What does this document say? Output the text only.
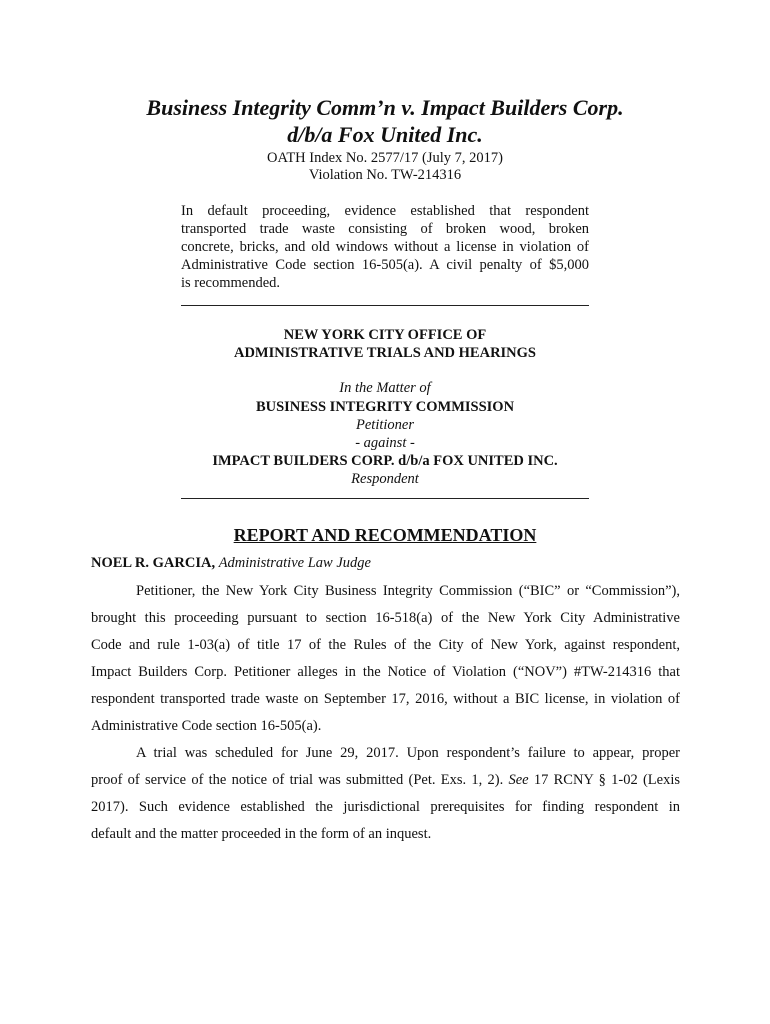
Business Integrity Comm’n v. Impact Builders Corp.
d/b/a Fox United Inc.
OATH Index No. 2577/17 (July 7, 2017)
Violation No. TW-214316
In default proceeding, evidence established that respondent
transported trade waste consisting of broken wood, broken
concrete, bricks, and old windows without a license in violation of
Administrative Code section 16-505(a). A civil penalty of $5,000
is recommended.
NEW YORK CITY OFFICE OF
ADMINISTRATIVE TRIALS AND HEARINGS
In the Matter of
BUSINESS INTEGRITY COMMISSION
Petitioner
- against -
IMPACT BUILDERS CORP. d/b/a FOX UNITED INC.
Respondent
REPORT AND RECOMMENDATION
NOEL R. GARCIA, Administrative Law Judge
Petitioner, the New York City Business Integrity Commission (“BIC” or “Commission”),
brought this proceeding pursuant to section 16-518(a) of the New York City Administrative
Code and rule 1-03(a) of title 17 of the Rules of the City of New York, against respondent,
Impact Builders Corp. Petitioner alleges in the Notice of Violation (“NOV”) #TW-214316 that
respondent transported trade waste on September 17, 2016, without a BIC license, in violation of
Administrative Code section 16-505(a).
A trial was scheduled for June 29, 2017. Upon respondent’s failure to appear, proper
proof of service of the notice of trial was submitted (Pet. Exs. 1, 2). See 17 RCNY § 1-02 (Lexis
2017). Such evidence established the jurisdictional prerequisites for finding respondent in
default and the matter proceeded in the form of an inquest.
